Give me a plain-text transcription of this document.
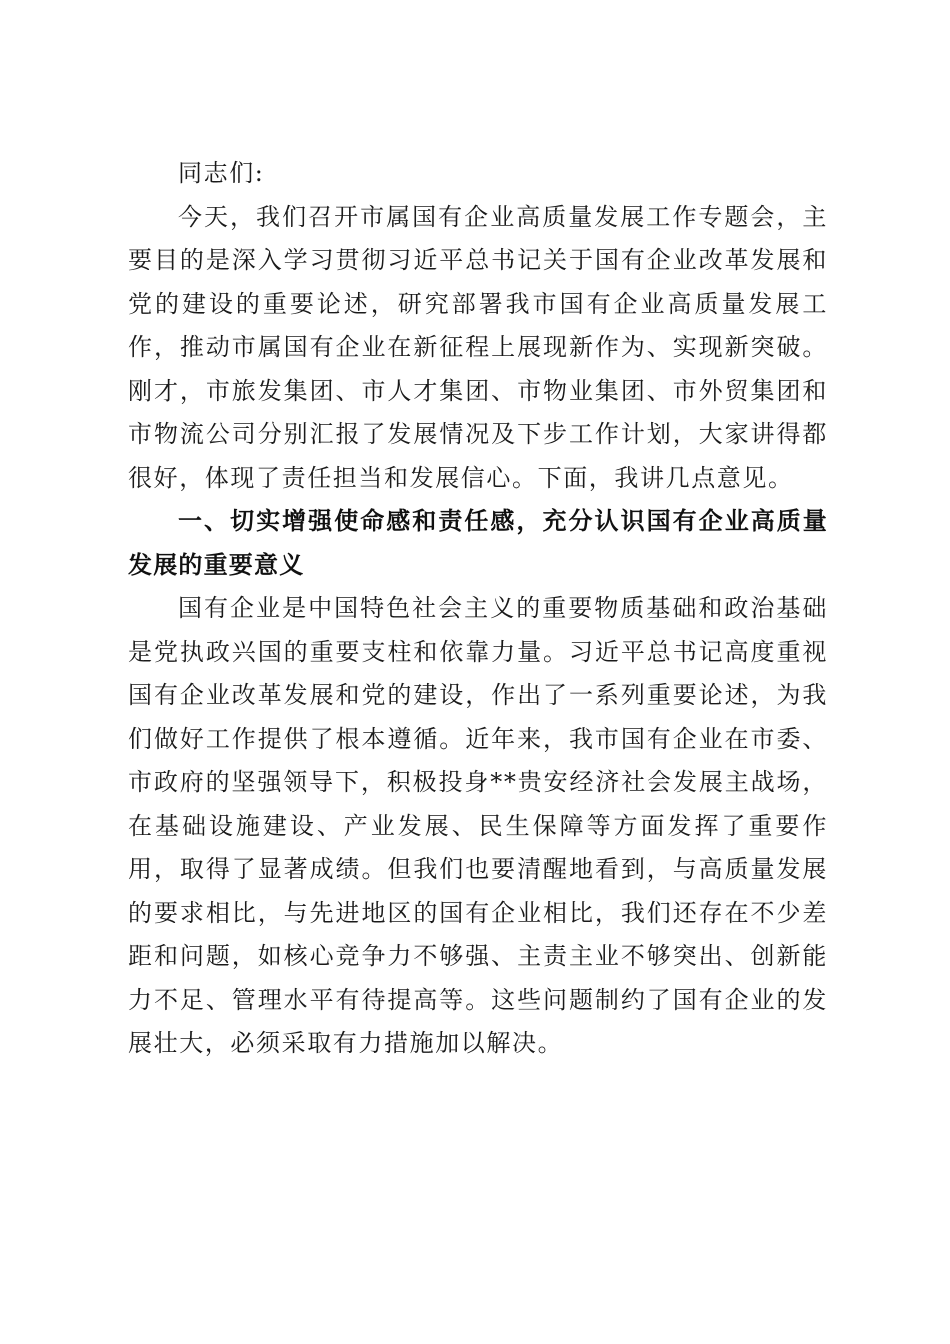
同志们:

今天，我们召开市属国有企业高质量发展工作专题会，主要目的是深入学习贯彻习近平总书记关于国有企业改革发展和党的建设的重要论述，研究部署我市国有企业高质量发展工作，推动市属国有企业在新征程上展现新作为、实现新突破。刚才，市旅发集团、市人才集团、市物业集团、市外贸集团和市物流公司分别汇报了发展情况及下步工作计划，大家讲得都很好，体现了责任担当和发展信心。下面，我讲几点意见。

一、切实增强使命感和责任感，充分认识国有企业高质量发展的重要意义

国有企业是中国特色社会主义的重要物质基础和政治基础是党执政兴国的重要支柱和依靠力量。习近平总书记高度重视国有企业改革发展和党的建设，作出了一系列重要论述，为我们做好工作提供了根本遵循。近年来，我市国有企业在市委、市政府的坚强领导下，积极投身**贵安经济社会发展主战场，在基础设施建设、产业发展、民生保障等方面发挥了重要作用，取得了显著成绩。但我们也要清醒地看到，与高质量发展的要求相比，与先进地区的国有企业相比，我们还存在不少差距和问题，如核心竞争力不够强、主责主业不够突出、创新能力不足、管理水平有待提高等。这些问题制约了国有企业的发展壮大，必须采取有力措施加以解决。
